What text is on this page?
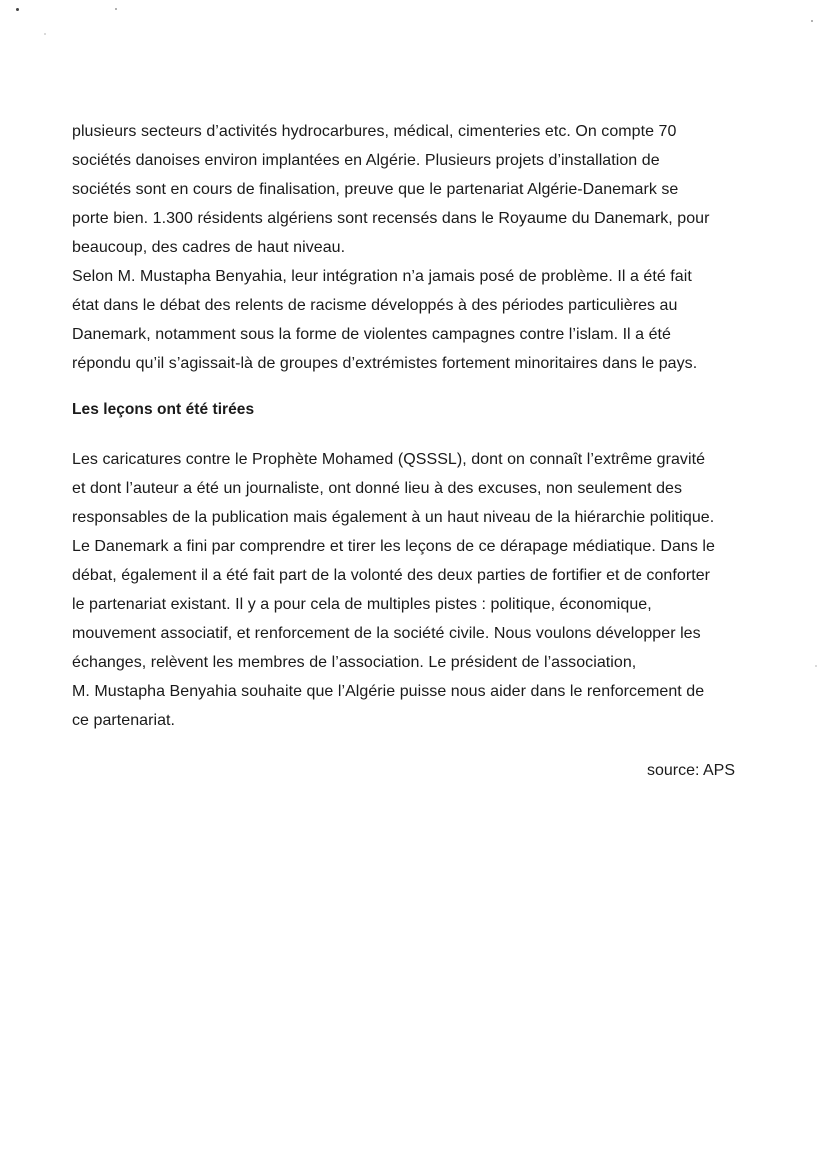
plusieurs secteurs d’activités hydrocarbures, médical, cimenteries etc. On compte 70
sociétés danoises environ implantées en Algérie. Plusieurs projets d’installation de
sociétés sont en cours de finalisation, preuve que le partenariat Algérie-Danemark se
porte bien. 1.300 résidents algériens sont recensés dans le Royaume du Danemark, pour
beaucoup, des cadres de haut niveau.
Selon M. Mustapha Benyahia, leur intégration n’a jamais posé de problème. Il a été fait
état dans le débat des relents de racisme développés à des périodes particulières au
Danemark, notamment sous la forme de violentes campagnes contre l’islam. Il a été
répondu qu’il s’agissait-là de groupes d’extrémistes fortement minoritaires dans le pays.
Les leçons ont été tirées
Les caricatures contre le Prophète Mohamed (QSSSL), dont on connaît l’extrême gravité
et dont l’auteur a été un journaliste, ont donné lieu à des excuses, non seulement des
responsables de la publication mais également à un haut niveau de la hiérarchie politique.
Le Danemark a fini par comprendre et tirer les leçons de ce dérapage médiatique. Dans le
débat, également il a été fait part de la volonté des deux parties de fortifier et de conforter
le partenariat existant. Il y a pour cela de multiples pistes : politique, économique,
mouvement associatif, et renforcement de la société civile. Nous voulons développer les
échanges, relèvent les membres de l’association. Le président de l’association,
M. Mustapha Benyahia souhaite que l’Algérie puisse nous aider dans le renforcement de
ce partenariat.
source: APS
